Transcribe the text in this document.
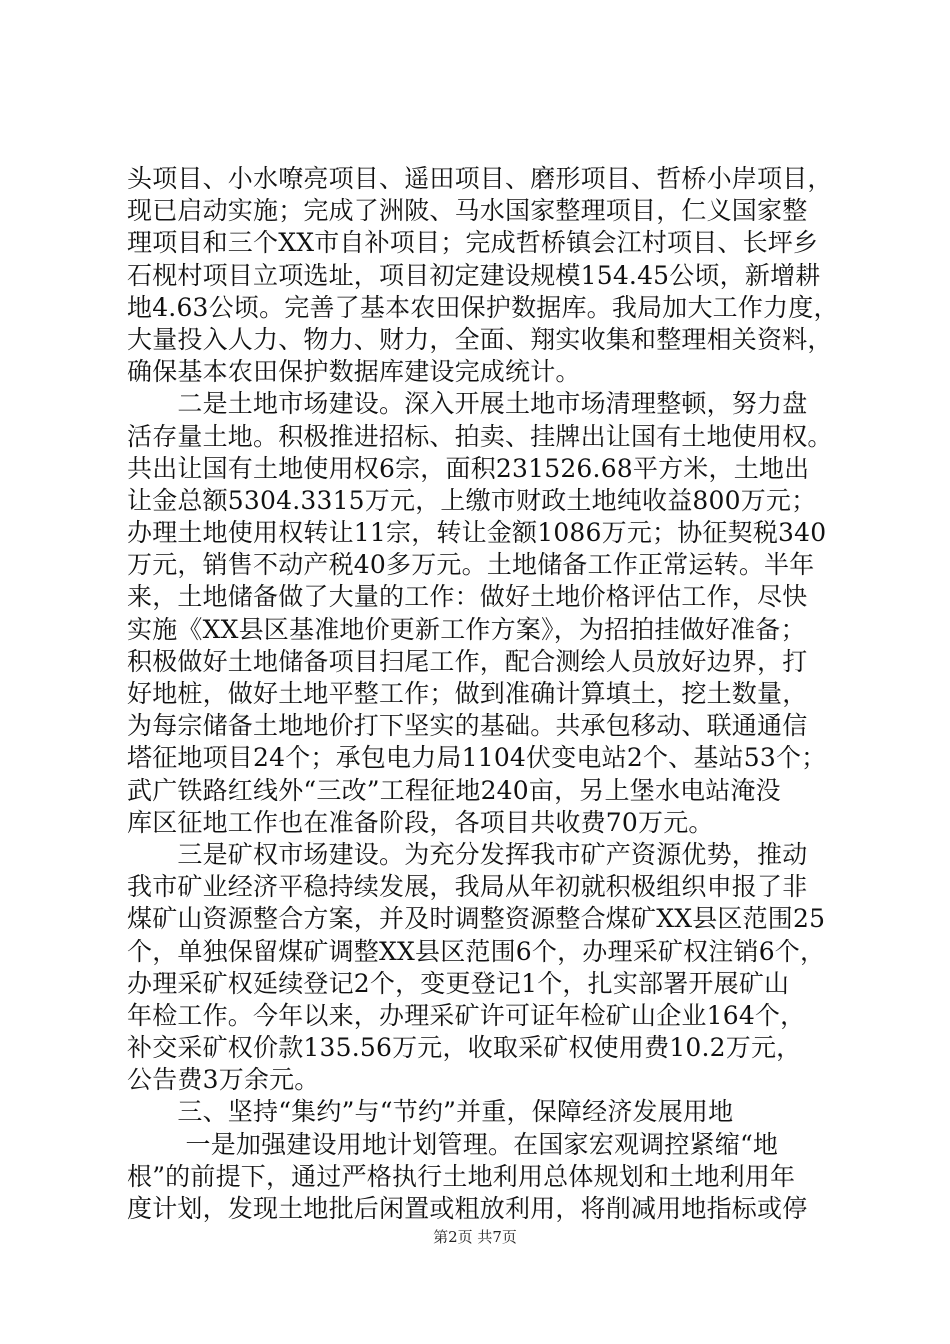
头项目、小水嘹亮项目、遥田项目、磨形项目、哲桥小岸项目，
现已启动实施；完成了洲陂、马水国家整理项目，仁义国家整
理项目和三个XX市自补项目；完成哲桥镇会江村项目、长坪乡
石枧村项目立项选址，项目初定建设规模154.45公顷，新增耕
地4.63公顷。完善了基本农田保护数据库。我局加大工作力度，
大量投入人力、物力、财力，全面、翔实收集和整理相关资料，
确保基本农田保护数据库建设完成统计。
　　二是土地市场建设。深入开展土地市场清理整顿，努力盘
活存量土地。积极推进招标、拍卖、挂牌出让国有土地使用权。
共出让国有土地使用权6宗，面积231526.68平方米，土地出
让金总额5304.3315万元，上缴市财政土地纯收益800万元；
办理土地使用权转让11宗，转让金额1086万元；协征契税340
万元，销售不动产税40多万元。土地储备工作正常运转。半年
来，土地储备做了大量的工作：做好土地价格评估工作，尽快
实施《XX县区基准地价更新工作方案》，为招拍挂做好准备；
积极做好土地储备项目扫尾工作，配合测绘人员放好边界，打
好地桩，做好土地平整工作；做到准确计算填土，挖土数量，
为每宗储备土地地价打下坚实的基础。共承包移动、联通通信
塔征地项目24个；承包电力局1104伏变电站2个、基站53个；
武广铁路红线外“三改”工程征地240亩，另上堡水电站淹没
库区征地工作也在准备阶段，各项目共收费70万元。
　　三是矿权市场建设。为充分发挥我市矿产资源优势，推动
我市矿业经济平稳持续发展，我局从年初就积极组织申报了非
煤矿山资源整合方案，并及时调整资源整合煤矿XX县区范围25
个，单独保留煤矿调整XX县区范围6个，办理采矿权注销6个，
办理采矿权延续登记2个，变更登记1个，扎实部署开展矿山
年检工作。今年以来，办理采矿许可证年检矿山企业164个，
补交采矿权价款135.56万元，收取采矿权使用费10.2万元，
公告费3万余元。
　　三、坚持“集约”与“节约”并重，保障经济发展用地
　　 一是加强建设用地计划管理。在国家宏观调控紧缩“地
根”的前提下，通过严格执行土地利用总体规划和土地利用年
度计划，发现土地批后闲置或粗放利用，将削减用地指标或停
第2页 共7页
